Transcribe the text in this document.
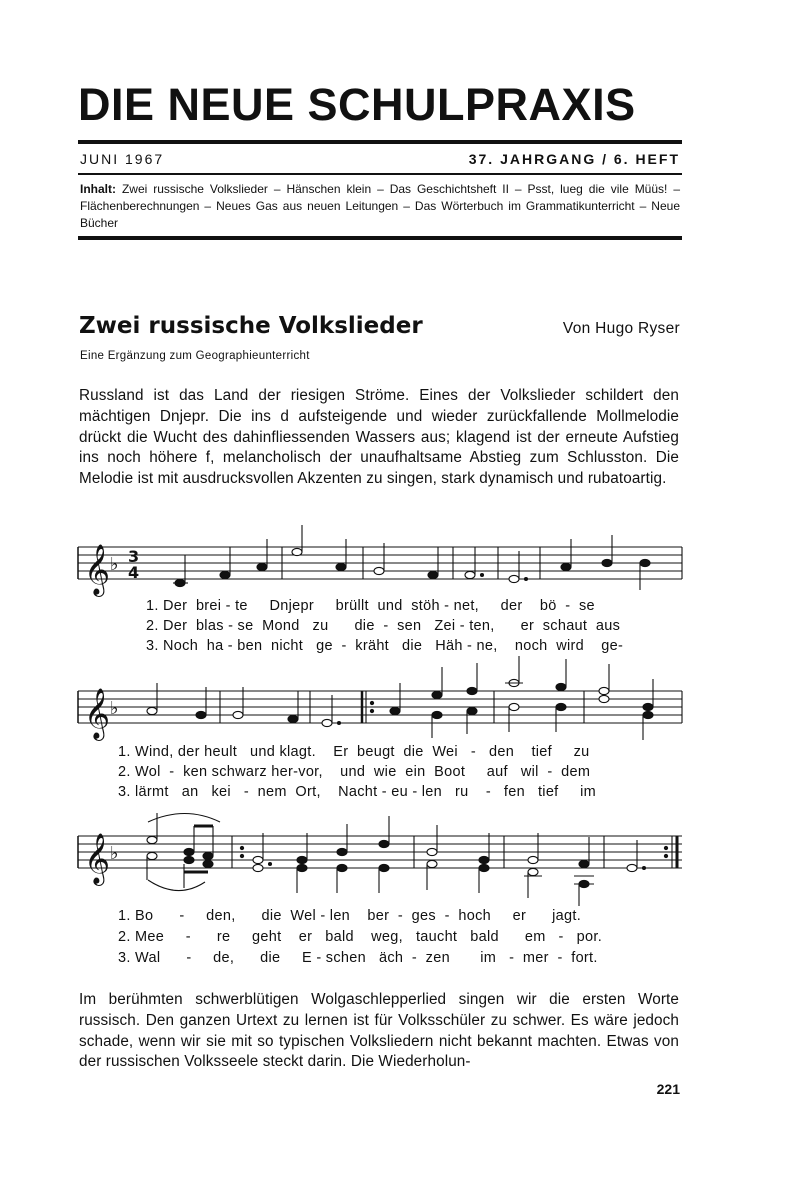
DIE NEUE SCHULPRAXIS
JUNI 1967	37. JAHRGANG / 6. HEFT
Inhalt: Zwei russische Volkslieder – Hänschen klein – Das Geschichtsheft II – Psst, lueg die vile Müüs! – Flächenberechnungen – Neues Gas aus neuen Leitungen – Das Wörterbuch im Grammatikunterricht – Neue Bücher
Zwei russische Volkslieder	Von Hugo Ryser
Eine Ergänzung zum Geographieunterricht
Russland ist das Land der riesigen Ströme. Eines der Volkslieder schildert den mächtigen Dnjepr. Die ins d aufsteigende und wieder zurückfallende Mollmelodie drückt die Wucht des dahinfliessenden Wassers aus; klagend ist der erneute Aufstieg ins noch höhere f, melancholisch der unaufhaltsame Abstieg zum Schlusston. Die Melodie ist mit ausdrucksvollen Akzenten zu singen, stark dynamisch und rubatoartig.
𝄞
𝄞
𝄞
♭
♭
♭
3
4
1. Der  brei - te     Dnjepr     brüllt  und  stöh - net,     der    bö  -  se
2. Der  blas - se  Mond   zu      die  -  sen   Zei - ten,      er  schaut  aus
3. Noch  ha - ben  nicht   ge  -  kräht   die   Häh - ne,    noch  wird    ge-
1. Wind, der heult   und klagt.    Er  beugt  die  Wei   -   den    tief     zu
2. Wol  -  ken schwarz her-vor,    und  wie  ein  Boot     auf   wil  -  dem
3. lärmt   an   kei   -  nem  Ort,    Nacht - eu - len   ru    -   fen   tief     im
1. Bo      -     den,      die  Wel - len    ber  -  ges  -  hoch     er      jagt.
2. Mee     -      re     geht    er   bald    weg,   taucht   bald      em   -   por.
3. Wal      -     de,      die     E - schen   äch  -  zen       im   -  mer  -  fort.
Im berühmten schwerblütigen Wolgaschlepperlied singen wir die ersten Worte russisch. Den ganzen Urtext zu lernen ist für Volksschüler zu schwer. Es wäre jedoch schade, wenn wir sie mit so typischen Volksliedern nicht bekannt machten. Etwas von der russischen Volksseele steckt darin. Die Wiederholun-
221
